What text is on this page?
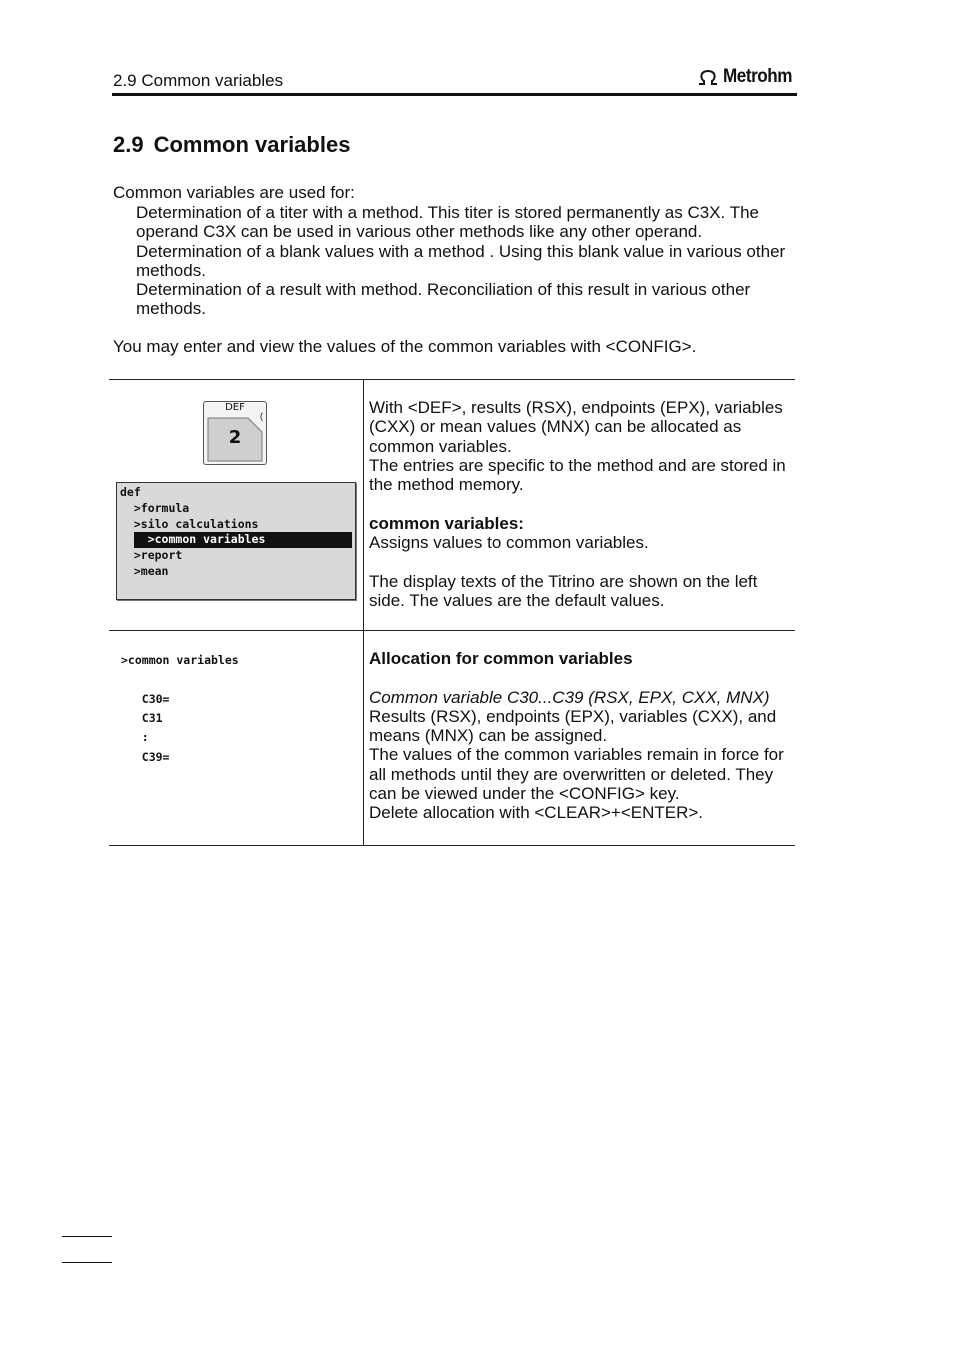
2.9 Common variables	Metrohm
2.9 Common variables
Common variables are used for:
Determination of a titer with a method. This titer is stored permanently as C3X. The
operand C3X can be used in various other methods like any other operand.
Determination of a blank values with a method . Using this blank value in various other
methods.
Determination of a result with method. Reconciliation of this result in various other
methods.
You may enter and view the values of the common variables with <CONFIG>.
DEF
(
2
def
>formula
>silo calculations
>common variables
>report
>mean
With <DEF>, results (RSX), endpoints (EPX), variables
(CXX) or mean values (MNX) can be allocated as
common variables.
The entries are specific to the method and are stored in
the method memory.
common variables:
Assigns values to common variables.
The display texts of the Titrino are shown on the left
side. The values are the default values.
>common variables
C30=
C31
:
C39=
Allocation for common variables
Common variable C30...C39 (RSX, EPX, CXX, MNX)
Results (RSX), endpoints (EPX), variables (CXX), and
means (MNX) can be assigned.
The values of the common variables remain in force for
all methods until they are overwritten or deleted. They
can be viewed under the <CONFIG> key.
Delete allocation with <CLEAR>+<ENTER>.
